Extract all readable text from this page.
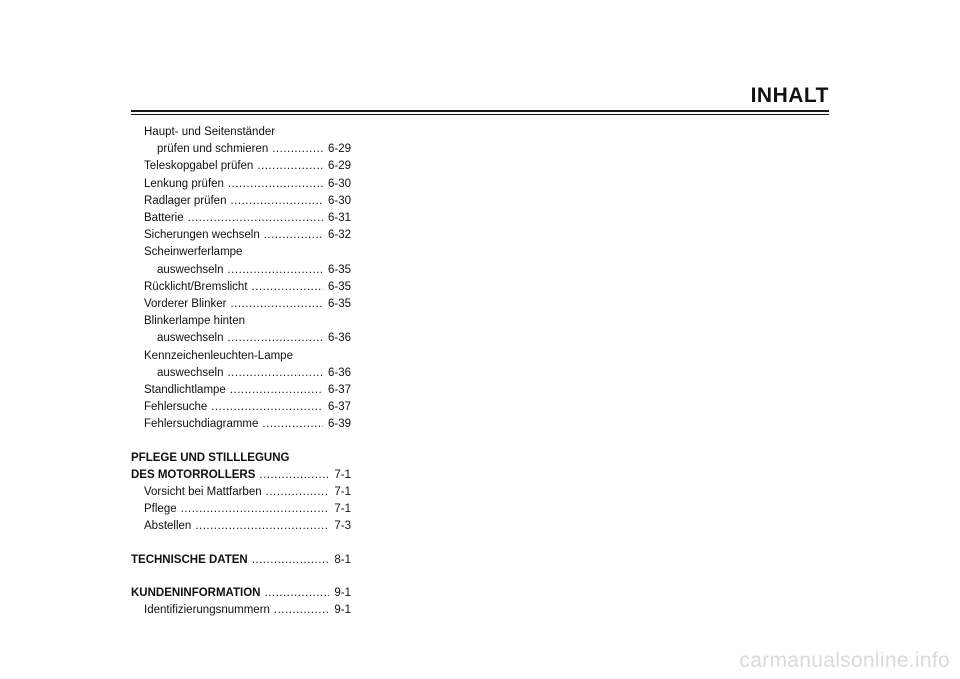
INHALT
Haupt- und Seitenständer
prüfen und schmieren .....	6-29
Teleskopgabel prüfen .....	6-29
Lenkung prüfen .....	6-30
Radlager prüfen .....	6-30
Batterie .....	6-31
Sicherungen wechseln .....	6-32
Scheinwerferlampe
auswechseln .....	6-35
Rücklicht/Bremslicht .....	6-35
Vorderer Blinker .....	6-35
Blinkerlampe hinten
auswechseln .....	6-36
Kennzeichenleuchten-Lampe
auswechseln .....	6-36
Standlichtlampe .....	6-37
Fehlersuche .....	6-37
Fehlersuchdiagramme .....	6-39
PFLEGE UND STILLLEGUNG
DES MOTORROLLERS .....	7-1
Vorsicht bei Mattfarben .....	7-1
Pflege .....	7-1
Abstellen .....	7-3
TECHNISCHE DATEN .....	8-1
KUNDENINFORMATION .....	9-1
Identifizierungsnummern .....	9-1
carmanualsonline.info
